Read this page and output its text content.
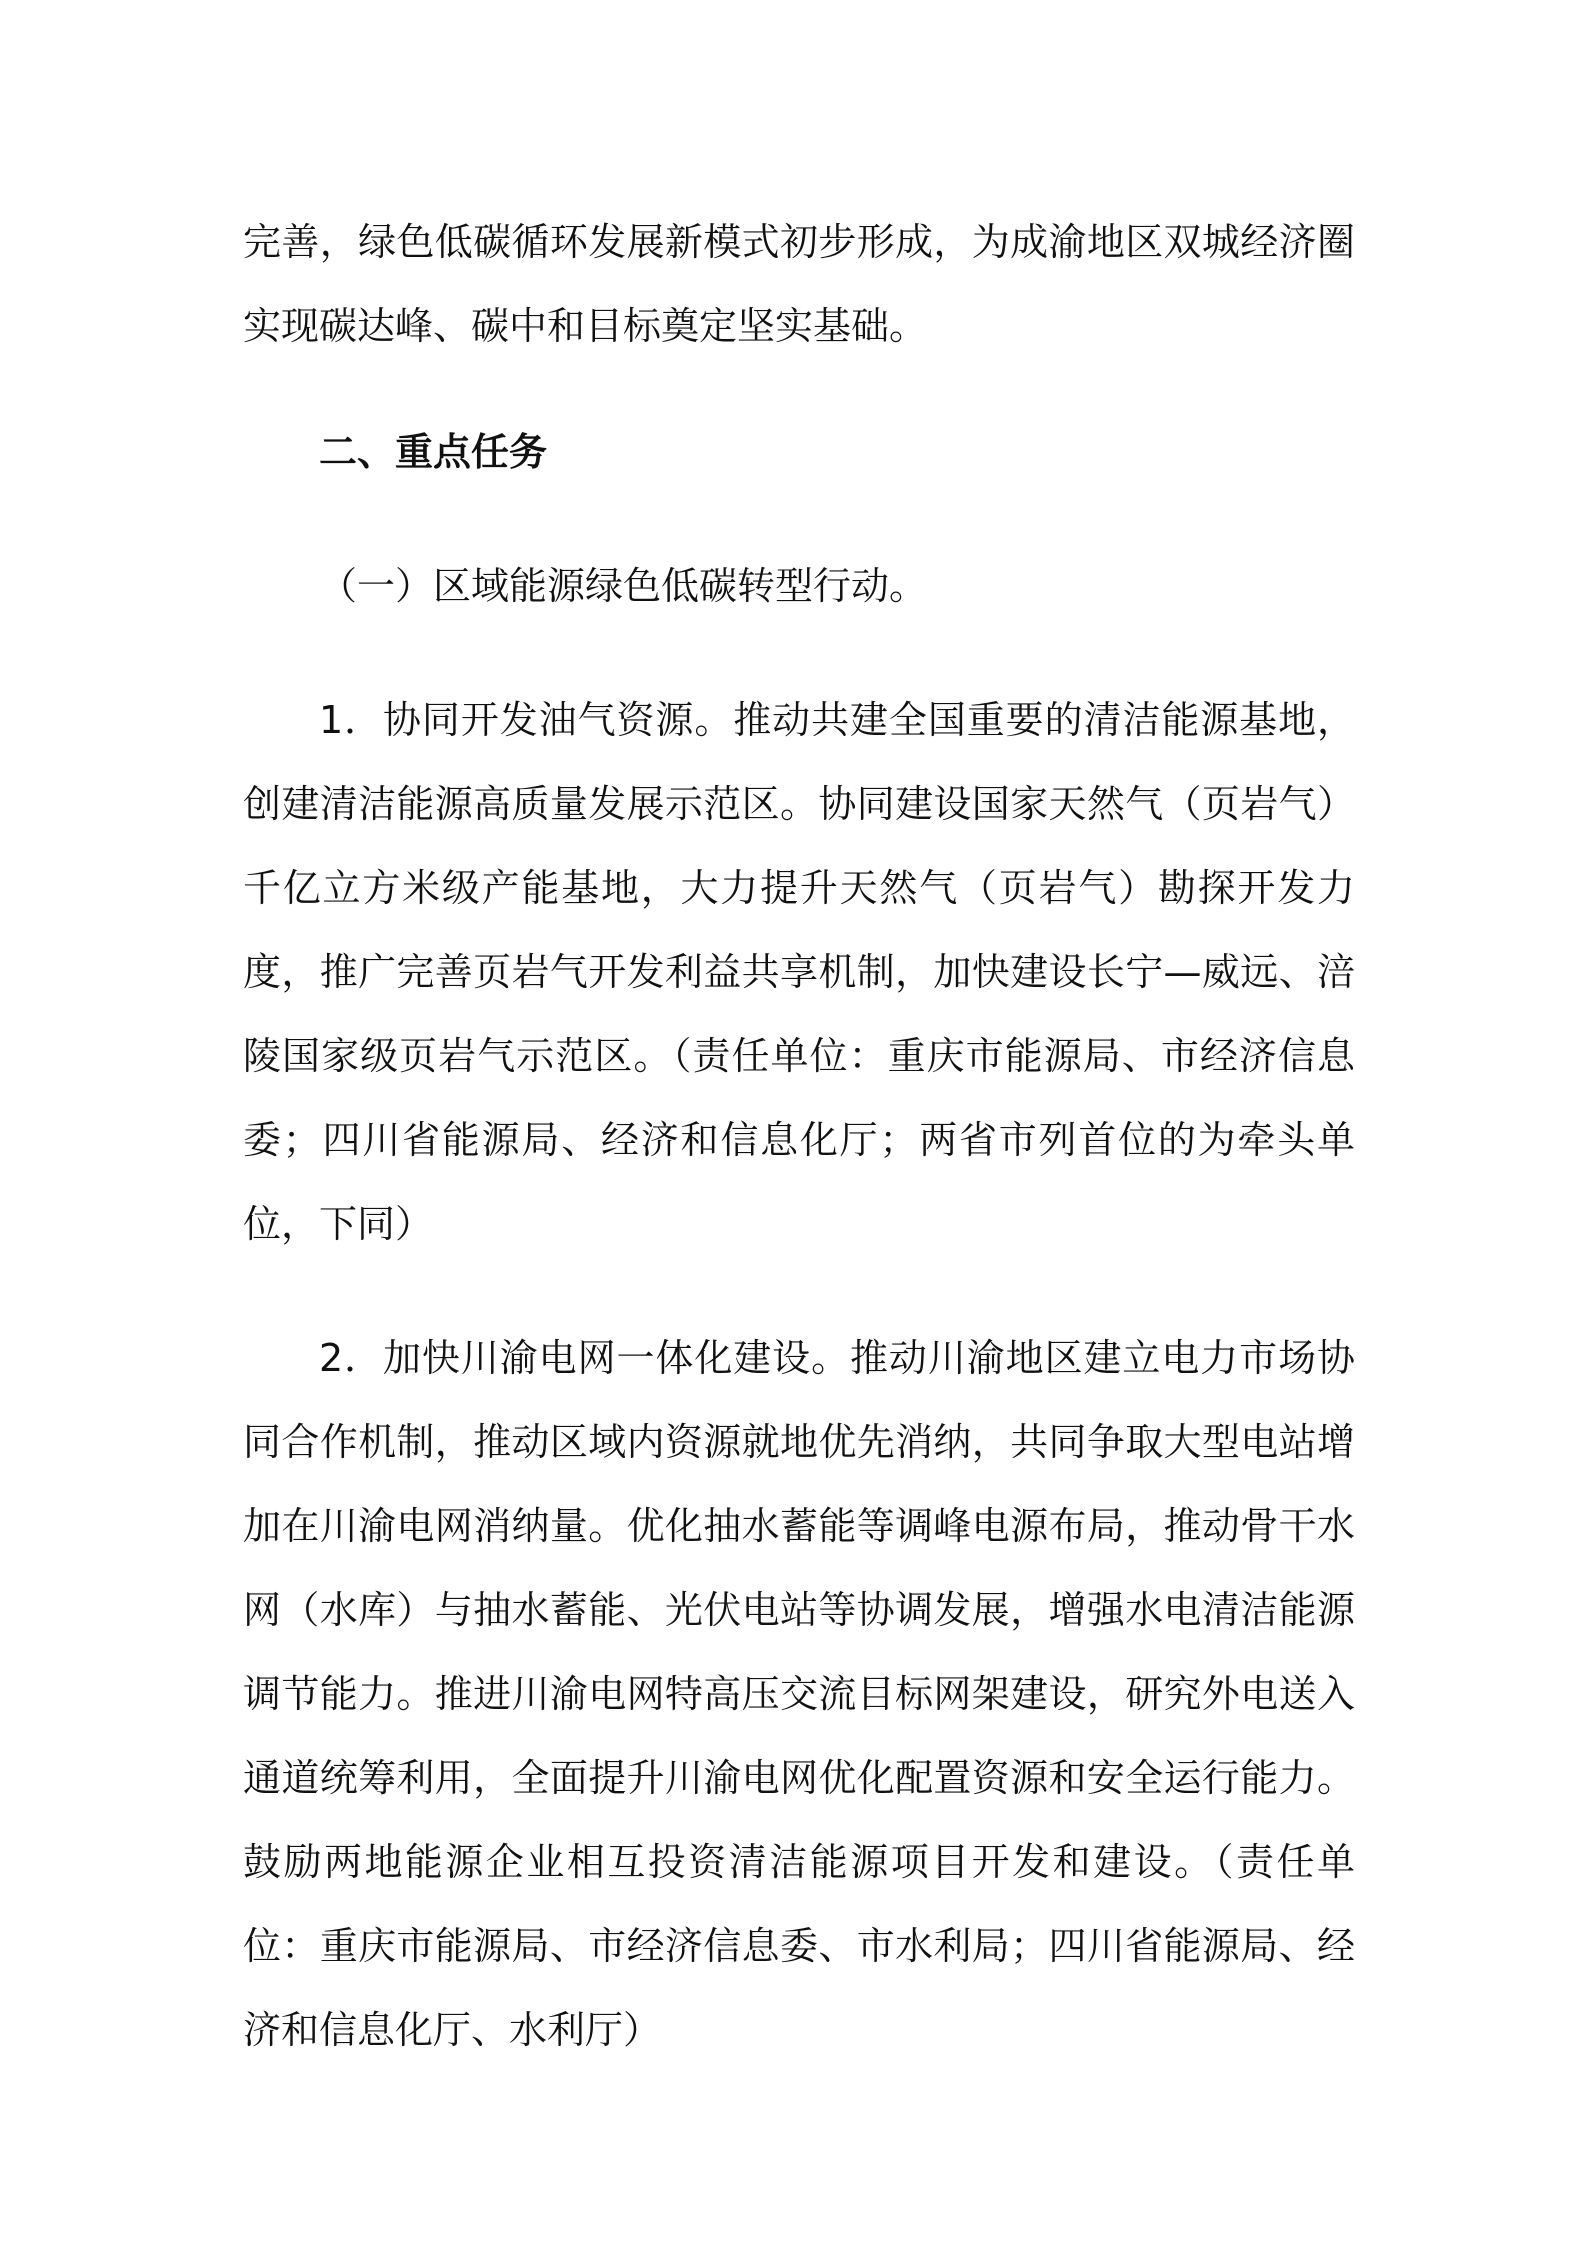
完善，绿色低碳循环发展新模式初步形成，为成渝地区双城经济圈实现碳达峰、碳中和目标奠定坚实基础。

二、重点任务

（一）区域能源绿色低碳转型行动。

1．协同开发油气资源。推动共建全国重要的清洁能源基地，创建清洁能源高质量发展示范区。协同建设国家天然气（页岩气）千亿立方米级产能基地，大力提升天然气（页岩气）勘探开发力度，推广完善页岩气开发利益共享机制，加快建设长宁—威远、涪陵国家级页岩气示范区。（责任单位：重庆市能源局、市经济信息委；四川省能源局、经济和信息化厅；两省市列首位的为牵头单位，下同）

2．加快川渝电网一体化建设。推动川渝地区建立电力市场协同合作机制，推动区域内资源就地优先消纳，共同争取大型电站增加在川渝电网消纳量。优化抽水蓄能等调峰电源布局，推动骨干水网（水库）与抽水蓄能、光伏电站等协调发展，增强水电清洁能源调节能力。推进川渝电网特高压交流目标网架建设，研究外电送入通道统筹利用，全面提升川渝电网优化配置资源和安全运行能力。鼓励两地能源企业相互投资清洁能源项目开发和建设。（责任单位：重庆市能源局、市经济信息委、市水利局；四川省能源局、经济和信息化厅、水利厅）
